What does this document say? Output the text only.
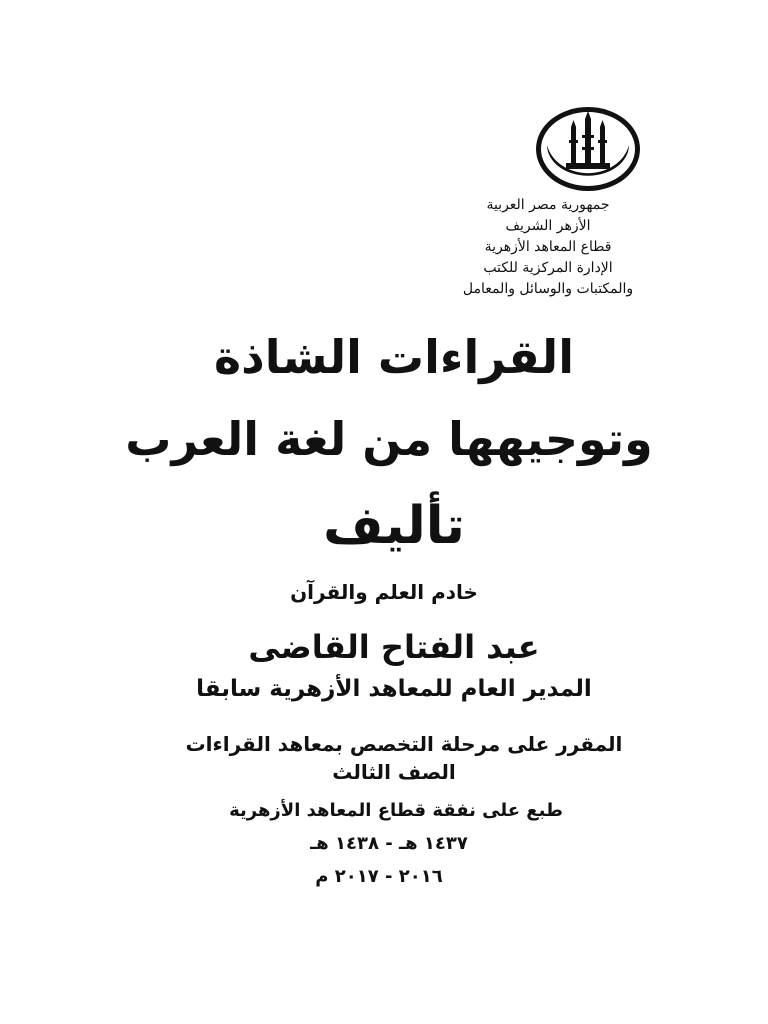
جمهورية مصر العربية
الأزهر الشريف
قطاع المعاهد الأزهرية
الإدارة المركزية للكتب
والمكتبات والوسائل والمعامل
القراءات الشاذة
وتوجيهها من لغة العرب
تأليف
خادم العلم والقرآن
عبد الفتاح القاضى
المدير العام للمعاهد الأزهرية سابقا
المقرر على مرحلة التخصص بمعاهد القراءات
الصف الثالث
طبع على نفقة قطاع المعاهد الأزهرية
١٤٣٧ هـ - ١٤٣٨ هـ
٢٠١٦ - ٢٠١٧ م
